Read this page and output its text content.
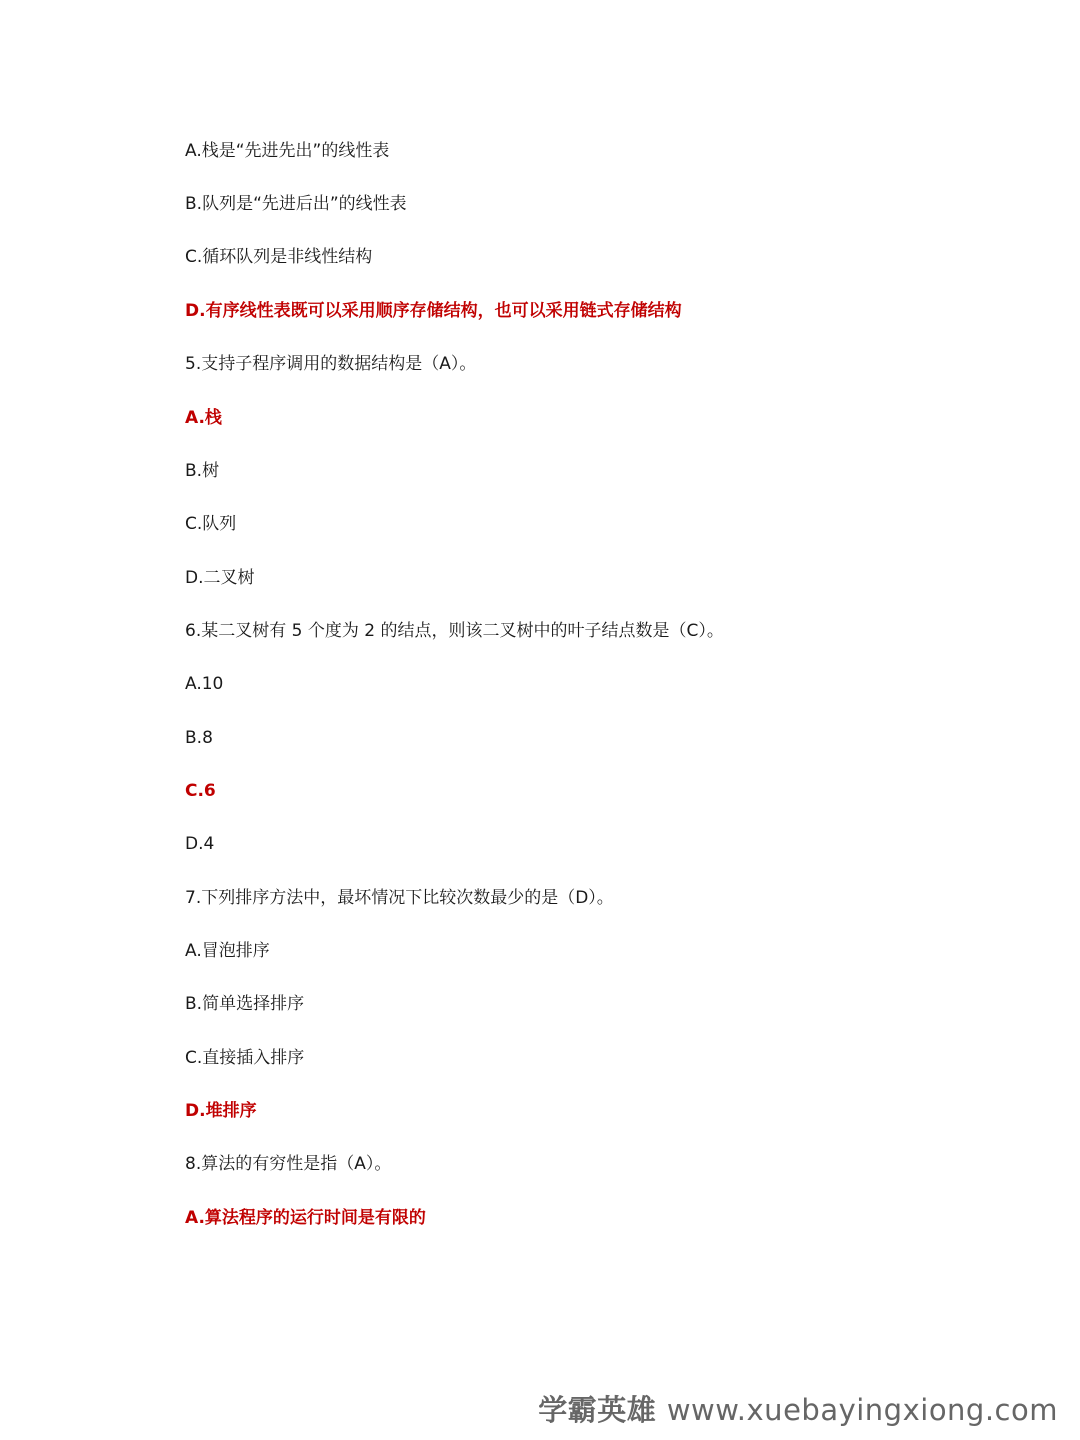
A.栈是“先进先出”的线性表
B.队列是“先进后出”的线性表
C.循环队列是非线性结构
D.有序线性表既可以采用顺序存储结构，也可以采用链式存储结构
5.支持子程序调用的数据结构是（A）。
A.栈
B.树
C.队列
D.二叉树
6.某二叉树有 5 个度为 2 的结点，则该二叉树中的叶子结点数是（C）。
A.10
B.8
C.6
D.4
7.下列排序方法中，最坏情况下比较次数最少的是（D）。
A.冒泡排序
B.简单选择排序
C.直接插入排序
D.堆排序
8.算法的有穷性是指（A）。
A.算法程序的运行时间是有限的
学霸英雄 www.xuebayingxiong.com
